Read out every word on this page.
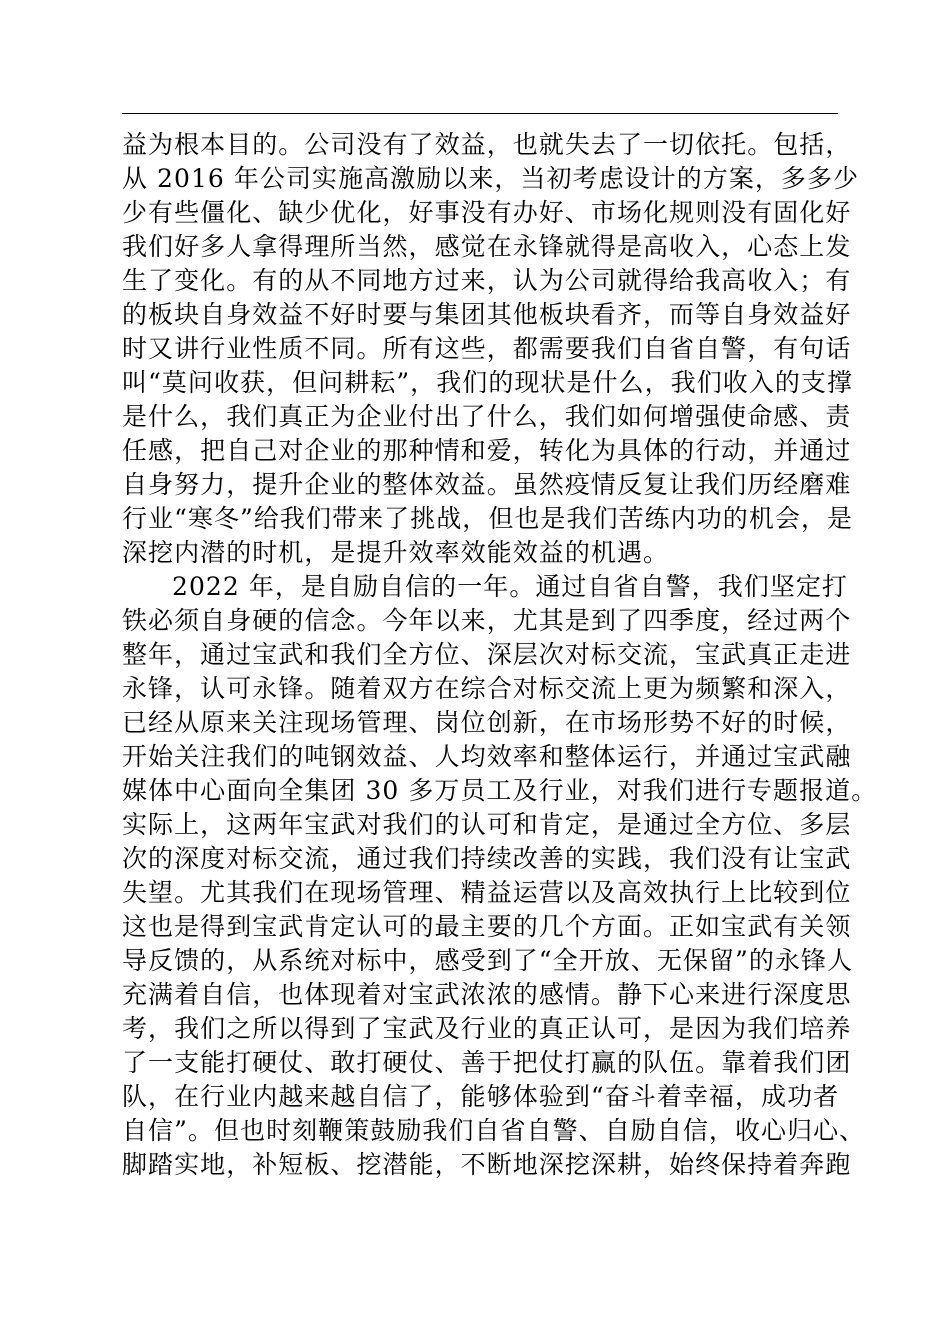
益为根本目的。公司没有了效益，也就失去了一切依托。包括，
从 2016 年公司实施高激励以来，当初考虑设计的方案，多多少
少有些僵化、缺少优化，好事没有办好、市场化规则没有固化好
我们好多人拿得理所当然，感觉在永锋就得是高收入，心态上发
生了变化。有的从不同地方过来，认为公司就得给我高收入；有
的板块自身效益不好时要与集团其他板块看齐，而等自身效益好
时又讲行业性质不同。所有这些，都需要我们自省自警，有句话
叫“莫问收获，但问耕耘”，我们的现状是什么，我们收入的支撑
是什么，我们真正为企业付出了什么，我们如何增强使命感、责
任感，把自己对企业的那种情和爱，转化为具体的行动，并通过
自身努力，提升企业的整体效益。虽然疫情反复让我们历经磨难
行业“寒冬”给我们带来了挑战，但也是我们苦练内功的机会，是
深挖内潜的时机，是提升效率效能效益的机遇。
2022 年，是自励自信的一年。通过自省自警，我们坚定打
铁必须自身硬的信念。今年以来，尤其是到了四季度，经过两个
整年，通过宝武和我们全方位、深层次对标交流，宝武真正走进
永锋，认可永锋。随着双方在综合对标交流上更为频繁和深入，
已经从原来关注现场管理、岗位创新，在市场形势不好的时候，
开始关注我们的吨钢效益、人均效率和整体运行，并通过宝武融
媒体中心面向全集团 30 多万员工及行业，对我们进行专题报道。
实际上，这两年宝武对我们的认可和肯定，是通过全方位、多层
次的深度对标交流，通过我们持续改善的实践，我们没有让宝武
失望。尤其我们在现场管理、精益运营以及高效执行上比较到位
这也是得到宝武肯定认可的最主要的几个方面。正如宝武有关领
导反馈的，从系统对标中，感受到了“全开放、无保留”的永锋人
充满着自信，也体现着对宝武浓浓的感情。静下心来进行深度思
考，我们之所以得到了宝武及行业的真正认可，是因为我们培养
了一支能打硬仗、敢打硬仗、善于把仗打赢的队伍。靠着我们团
队，在行业内越来越自信了，能够体验到“奋斗着幸福，成功者
自信”。但也时刻鞭策鼓励我们自省自警、自励自信，收心归心、
脚踏实地，补短板、挖潜能，不断地深挖深耕，始终保持着奔跑
